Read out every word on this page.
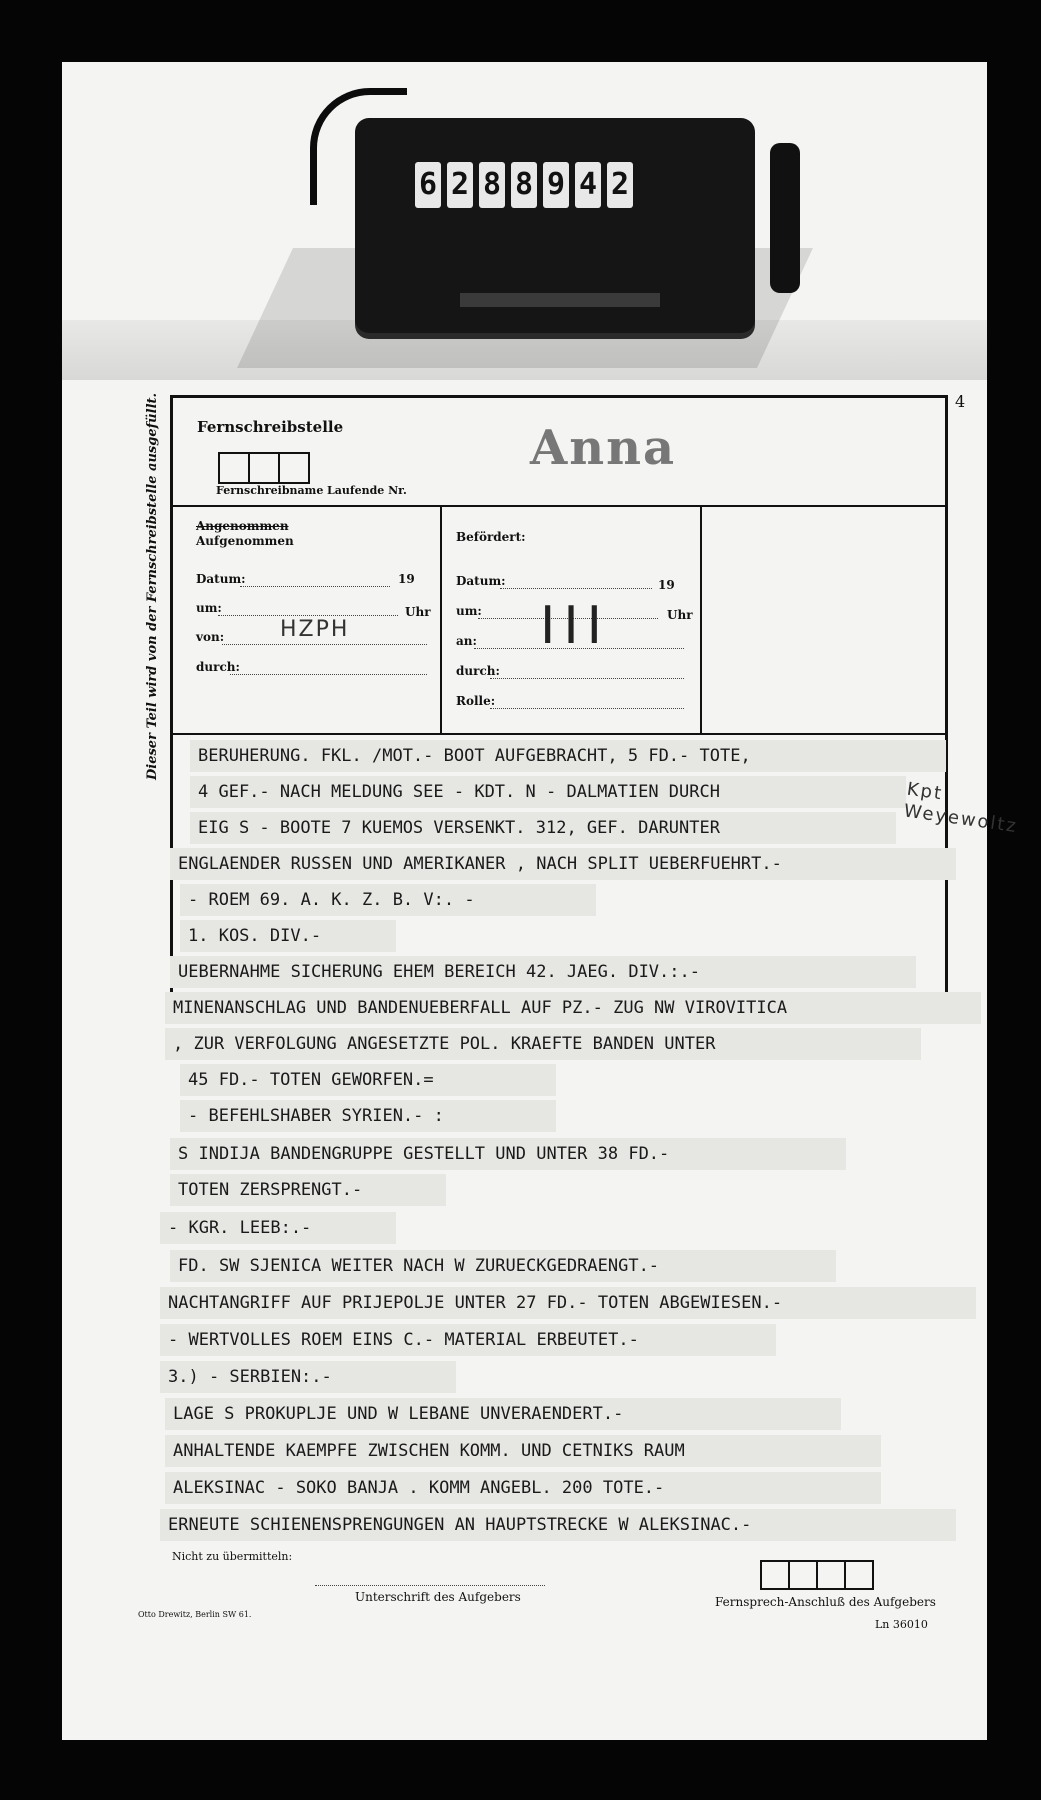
6 2 8 8 9 4 2
Dieser Teil wird von der Fernschreibstelle ausgefüllt. Fernschreibstelle	Anna
4
Fernschreibname Laufende Nr.
Angenommen
Aufgenommen
Datum:	19
um:	Uhr
von:	HZPH
durch:
Befördert:
Datum:	19
um:	Uhr
an:
durch:
Rolle:
III
BERUHERUNG. FKL. /MOT.- BOOT AUFGEBRACHT, 5 FD.- TOTE,
4 GEF.- NACH MELDUNG SEE - KDT. N - DALMATIEN DURCH
EIG S - BOOTE 7 KUEMOS VERSENKT. 312, GEF. DARUNTER
ENGLAENDER RUSSEN UND AMERIKANER , NACH SPLIT UEBERFUEHRT.-
- ROEM 69. A. K. Z. B. V:. -
1. KOS. DIV.-
UEBERNAHME SICHERUNG EHEM BEREICH 42. JAEG. DIV.:.-
MINENANSCHLAG UND BANDENUEBERFALL AUF PZ.- ZUG NW VIROVITICA
, ZUR VERFOLGUNG ANGESETZTE POL. KRAEFTE BANDEN UNTER
45 FD.- TOTEN GEWORFEN.=
- BEFEHLSHABER SYRIEN.- :
S INDIJA BANDENGRUPPE GESTELLT UND UNTER 38 FD.-
TOTEN ZERSPRENGT.-
- KGR. LEEB:.-
FD. SW SJENICA WEITER NACH W ZURUECKGEDRAENGT.-
NACHTANGRIFF AUF PRIJEPOLJE UNTER 27 FD.- TOTEN ABGEWIESEN.-
- WERTVOLLES ROEM EINS C.- MATERIAL ERBEUTET.-
3.) - SERBIEN:.-
LAGE S PROKUPLJE UND W LEBANE UNVERAENDERT.-
ANHALTENDE KAEMPFE ZWISCHEN KOMM. UND CETNIKS RAUM
ALEKSINAC - SOKO BANJA . KOMM ANGEBL. 200 TOTE.-
ERNEUTE SCHIENENSPRENGUNGEN AN HAUPTSTRECKE W ALEKSINAC.-
Kpt Weyewoltz
Nicht zu übermitteln:
Unterschrift des Aufgebers	Fernsprech-Anschluß des Aufgebers
Otto Drewitz, Berlin SW 61.
Ln 36010
